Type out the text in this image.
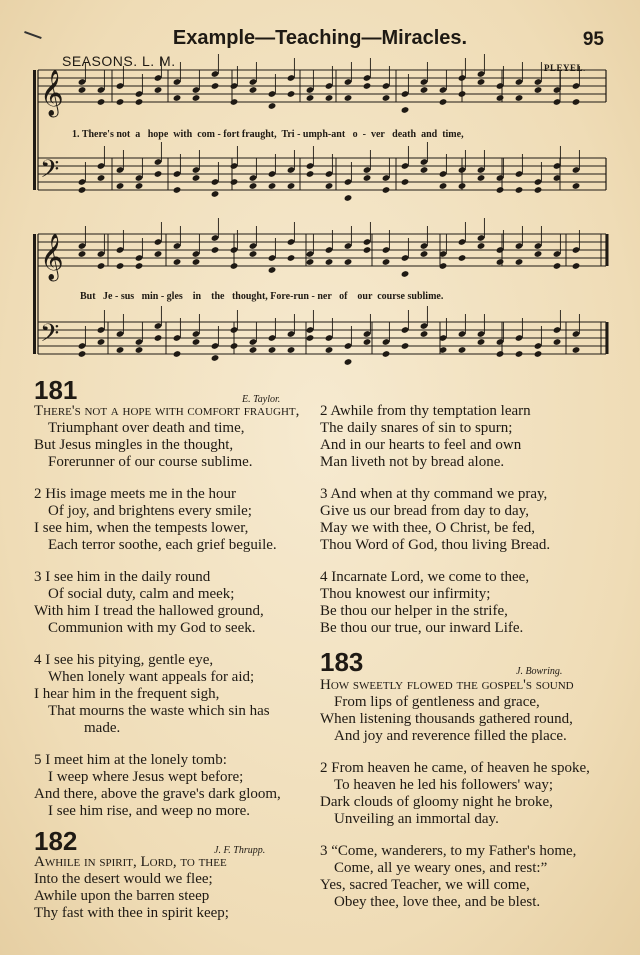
Example—Teaching—Miracles.	95
SEASONS. L. M.	PLEYEL.
𝄞
𝄢
𝄞
𝄢
1. There's not  a   hope  with  com - fort fraught,  Tri - umph-ant   o  -  ver   death  and  time,
But   Je - sus   min - gles    in    the   thought, Fore-run - ner   of    our  course sublime.
181	E. Taylor.

There's not a hope with comfort fraught,

Triumphant over death and time,

But Jesus mingles in the thought,

Forerunner of our course sublime.

2 His image meets me in the hour

Of joy, and brightens every smile;

I see him, when the tempests lower,

Each terror soothe, each grief beguile.

3 I see him in the daily round

Of social duty, calm and meek;

With him I tread the hallowed ground,

Communion with my God to seek.

4 I see his pitying, gentle eye,

When lonely want appeals for aid;

I hear him in the frequent sigh,

That mourns the waste which sin has

made.

5 I meet him at the lonely tomb:

I weep where Jesus wept before;

And there, above the grave's dark gloom,

I see him rise, and weep no more.

182	J. F. Thrupp.

Awhile in spirit, Lord, to thee

Into the desert would we flee;

Awhile upon the barren steep

Thy fast with thee in spirit keep;

2 Awhile from thy temptation learn

The daily snares of sin to spurn;

And in our hearts to feel and own

Man liveth not by bread alone.

3 And when at thy command we pray,

Give us our bread from day to day,

May we with thee, O Christ, be fed,

Thou Word of God, thou living Bread.

4 Incarnate Lord, we come to thee,

Thou knowest our infirmity;

Be thou our helper in the strife,

Be thou our true, our inward Life.

183	J. Bowring.

How sweetly flowed the gospel's sound

From lips of gentleness and grace,

When listening thousands gathered round,

And joy and reverence filled the place.

2 From heaven he came, of heaven he spoke,

To heaven he led his followers' way;

Dark clouds of gloomy night he broke,

Unveiling an immortal day.

3 “Come, wanderers, to my Father's home,

Come, all ye weary ones, and rest:”

Yes, sacred Teacher, we will come,

Obey thee, love thee, and be blest.
